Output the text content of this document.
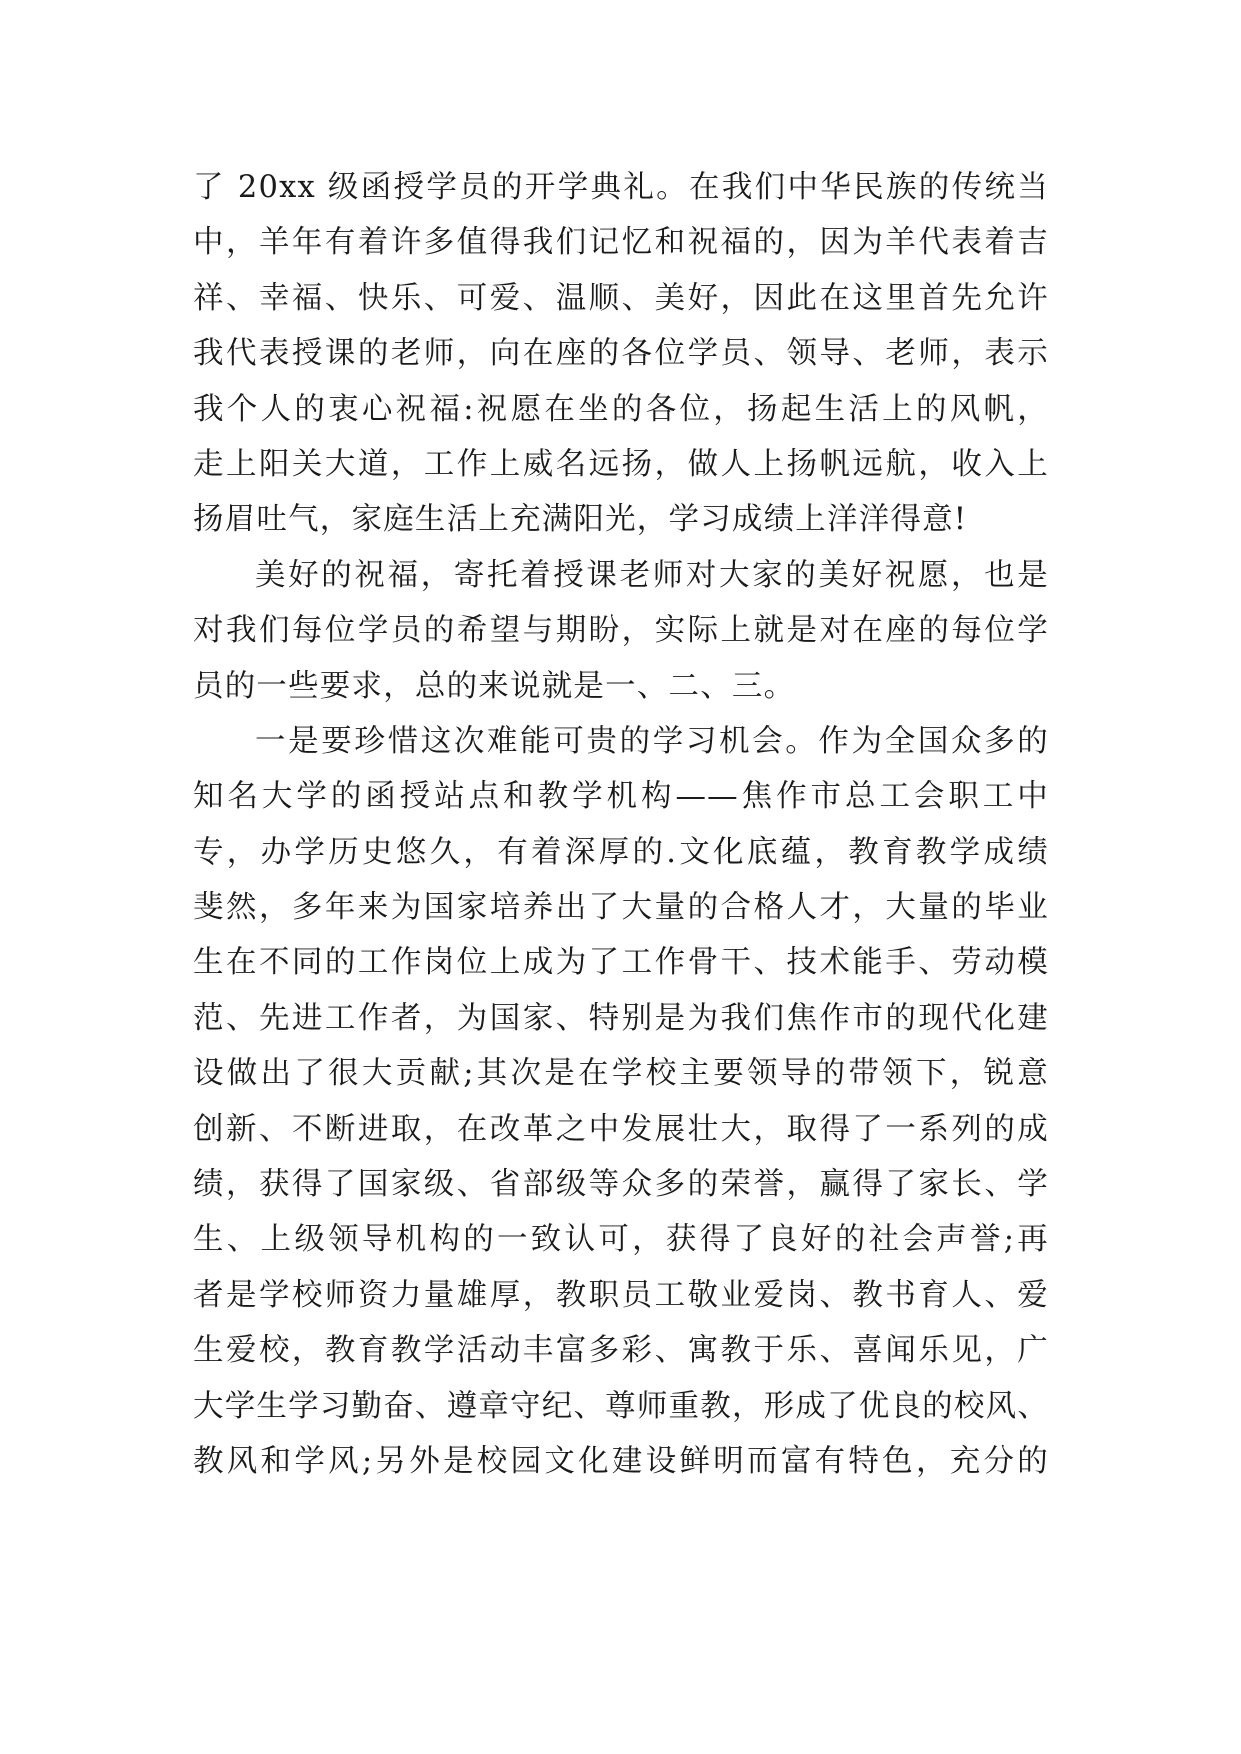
了 20xx 级函授学员的开学典礼。在我们中华民族的传统当
中，羊年有着许多值得我们记忆和祝福的，因为羊代表着吉
祥、幸福、快乐、可爱、温顺、美好，因此在这里首先允许
我代表授课的老师，向在座的各位学员、领导、老师，表示
我个人的衷心祝福:祝愿在坐的各位，扬起生活上的风帆，
走上阳关大道，工作上威名远扬，做人上扬帆远航，收入上
扬眉吐气，家庭生活上充满阳光，学习成绩上洋洋得意!
美好的祝福，寄托着授课老师对大家的美好祝愿，也是
对我们每位学员的希望与期盼，实际上就是对在座的每位学
员的一些要求，总的来说就是一、二、三。
一是要珍惜这次难能可贵的学习机会。作为全国众多的
知名大学的函授站点和教学机构——焦作市总工会职工中
专，办学历史悠久，有着深厚的.文化底蕴，教育教学成绩
斐然，多年来为国家培养出了大量的合格人才，大量的毕业
生在不同的工作岗位上成为了工作骨干、技术能手、劳动模
范、先进工作者，为国家、特别是为我们焦作市的现代化建
设做出了很大贡献;其次是在学校主要领导的带领下，锐意
创新、不断进取，在改革之中发展壮大，取得了一系列的成
绩，获得了国家级、省部级等众多的荣誉，赢得了家长、学
生、上级领导机构的一致认可，获得了良好的社会声誉;再
者是学校师资力量雄厚，教职员工敬业爱岗、教书育人、爱
生爱校，教育教学活动丰富多彩、寓教于乐、喜闻乐见，广
大学生学习勤奋、遵章守纪、尊师重教，形成了优良的校风、
教风和学风;另外是校园文化建设鲜明而富有特色，充分的
